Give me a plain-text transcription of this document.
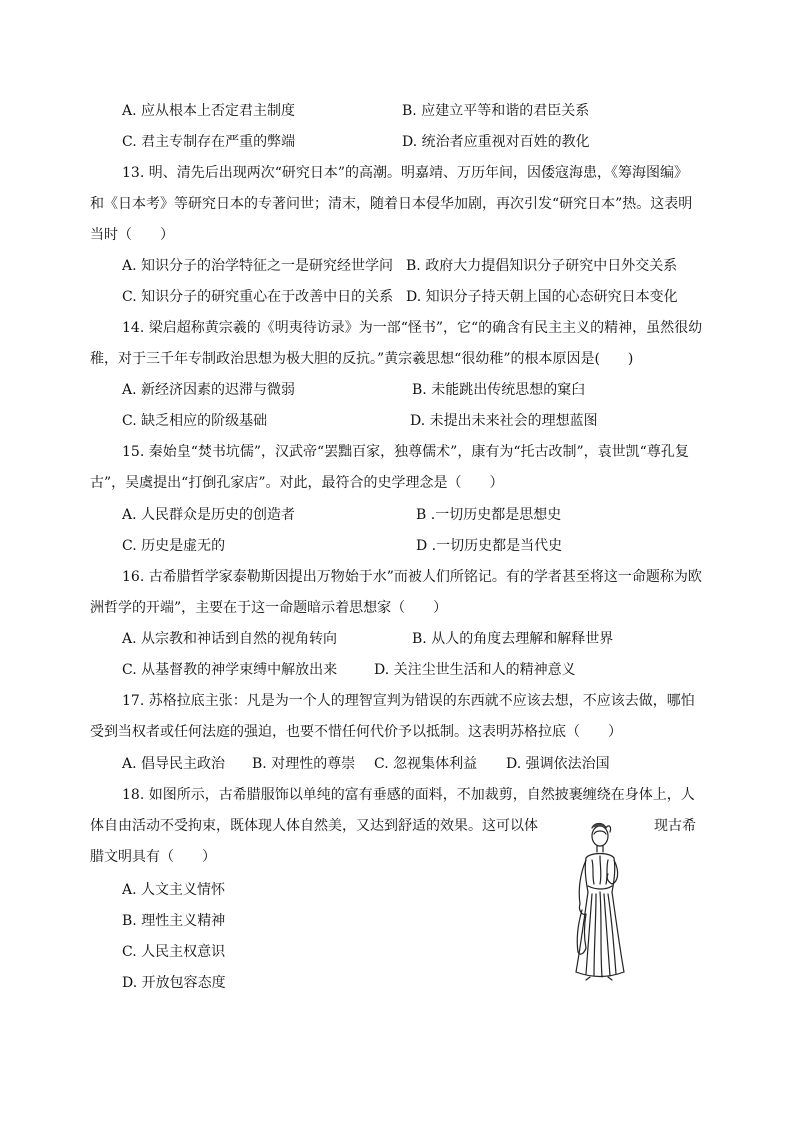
A. 应从根本上否定君主制度	B. 应建立平等和谐的君臣关系
C. 君主专制存在严重的弊端	D. 统治者应重视对百姓的教化
13. 明、清先后出现两次“研究日本”的高潮。明嘉靖、万历年间，因倭寇海患，《筹海图编》
和《日本考》等研究日本的专著问世；清末，随着日本侵华加剧，再次引发“研究日本”热。这表明
当时（　　）
A. 知识分子的治学特征之一是研究经世学问 B. 政府大力提倡知识分子研究中日外交关系
C. 知识分子的研究重心在于改善中日的关系 D. 知识分子持天朝上国的心态研究日本变化
14. 梁启超称黄宗羲的《明夷待访录》为一部“怪书”，它“的确含有民主主义的精神，虽然很幼
稚，对于三千年专制政治思想为极大胆的反抗。”黄宗羲思想“很幼稚”的根本原因是(　　)
A. 新经济因素的迟滞与微弱	B. 未能跳出传统思想的窠臼
C. 缺乏相应的阶级基础	D. 未提出未来社会的理想蓝图
15. 秦始皇“焚书坑儒”，汉武帝“罢黜百家，独尊儒术”，康有为“托古改制”，袁世凯“尊孔复
古”，吴虞提出“打倒孔家店”。对此，最符合的史学理念是（　　）
A. 人民群众是历史的创造者	B .一切历史都是思想史
C. 历史是虚无的	D .一切历史都是当代史
16. 古希腊哲学家泰勒斯因提出万物始于水”而被人们所铭记。有的学者甚至将这一命题称为欧
洲哲学的开端”，主要在于这一命题暗示着思想家（　　）
A. 从宗教和神话到自然的视角转向	B. 从人的角度去理解和解释世界
C. 从基督教的神学束缚中解放出来	D. 关注尘世生活和人的精神意义
17. 苏格拉底主张：凡是为一个人的理智宣判为错误的东西就不应该去想，不应该去做，哪怕
受到当权者或任何法庭的强迫，也要不惜任何代价予以抵制。这表明苏格拉底（　　）
A. 倡导民主政治 B. 对理性的尊崇 C. 忽视集体利益 D. 强调依法治国
18. 如图所示，古希腊服饰以单纯的富有垂感的面料，不加裁剪，自然披裹缠绕在身体上，人
体自由活动不受拘束，既体现人体自然美，又达到舒适的效果。这可以体	现古希
腊文明具有（　　）
A. 人文主义情怀
B. 理性主义精神
C. 人民主权意识
D. 开放包容态度
